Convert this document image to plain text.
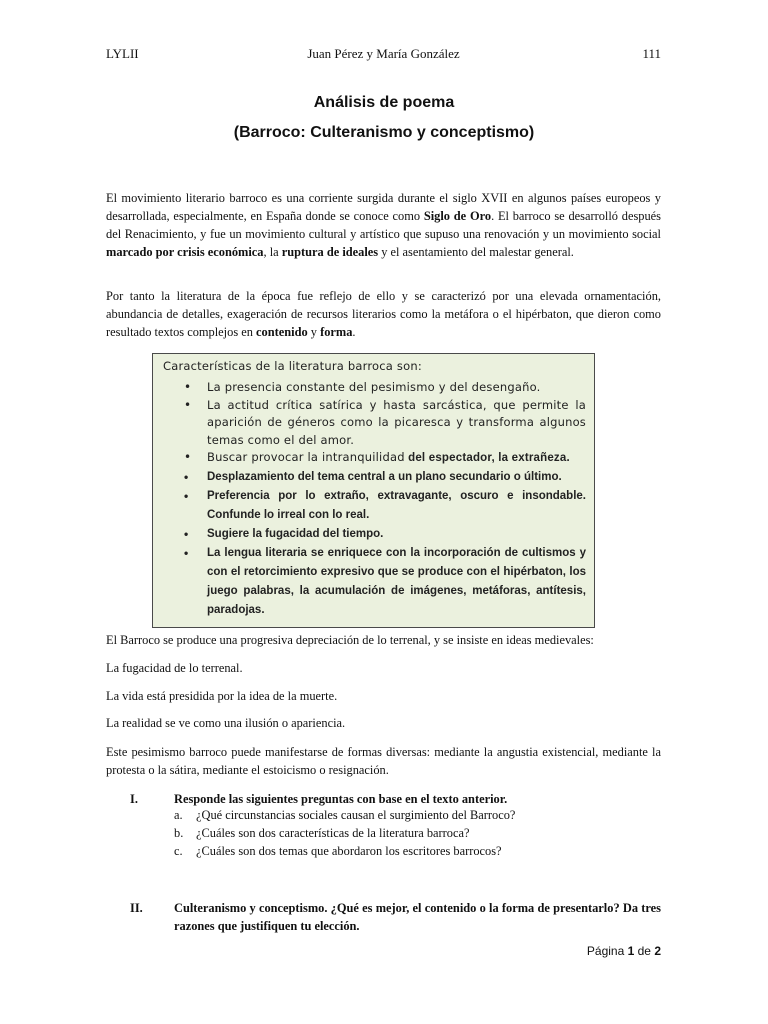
LYLII	Juan Pérez y María González	111
Análisis de poema
(Barroco: Culteranismo y conceptismo)
El movimiento literario barroco es una corriente surgida durante el siglo XVII en algunos países europeos y desarrollada, especialmente, en España donde se conoce como Siglo de Oro. El barroco se desarrolló después del Renacimiento, y fue un movimiento cultural y artístico que supuso una renovación y un movimiento social marcado por crisis económica, la ruptura de ideales y el asentamiento del malestar general.
Por tanto la literatura de la época fue reflejo de ello y se caracterizó por una elevada ornamentación, abundancia de detalles, exageración de recursos literarios como la metáfora o el hipérbaton, que dieron como resultado textos complejos en contenido y forma.
Características de la literatura barroca son:
• La presencia constante del pesimismo y del desengaño.
• La actitud crítica satírica y hasta sarcástica, que permite la aparición de géneros como la picaresca y transforma algunos temas como el del amor.
• Buscar provocar la intranquilidad del espectador, la extrañeza.
• Desplazamiento del tema central a un plano secundario o último.
• Preferencia por lo extraño, extravagante, oscuro e insondable. Confunde lo irreal con lo real.
• Sugiere la fugacidad del tiempo.
• La lengua literaria se enriquece con la incorporación de cultismos y con el retorcimiento expresivo que se produce con el hipérbaton, los juego palabras, la acumulación de imágenes, metáforas, antítesis, paradojas.
El Barroco se produce una progresiva depreciación de lo terrenal, y se insiste en ideas medievales:
La fugacidad de lo terrenal.
La vida está presidida por la idea de la muerte.
La realidad se ve como una ilusión o apariencia.
Este pesimismo barroco puede manifestarse de formas diversas: mediante la angustia existencial, mediante la protesta o la sátira, mediante el estoicismo o resignación.
I.	Responde las siguientes preguntas con base en el texto anterior.
a. ¿Qué circunstancias sociales causan el surgimiento del Barroco?
b. ¿Cuáles son dos características de la literatura barroca?
c. ¿Cuáles son dos temas que abordaron los escritores barrocos?
II.	Culteranismo y conceptismo. ¿Qué es mejor, el contenido o la forma de presentarlo? Da tres razones que justifiquen tu elección.
Página 1 de 2
